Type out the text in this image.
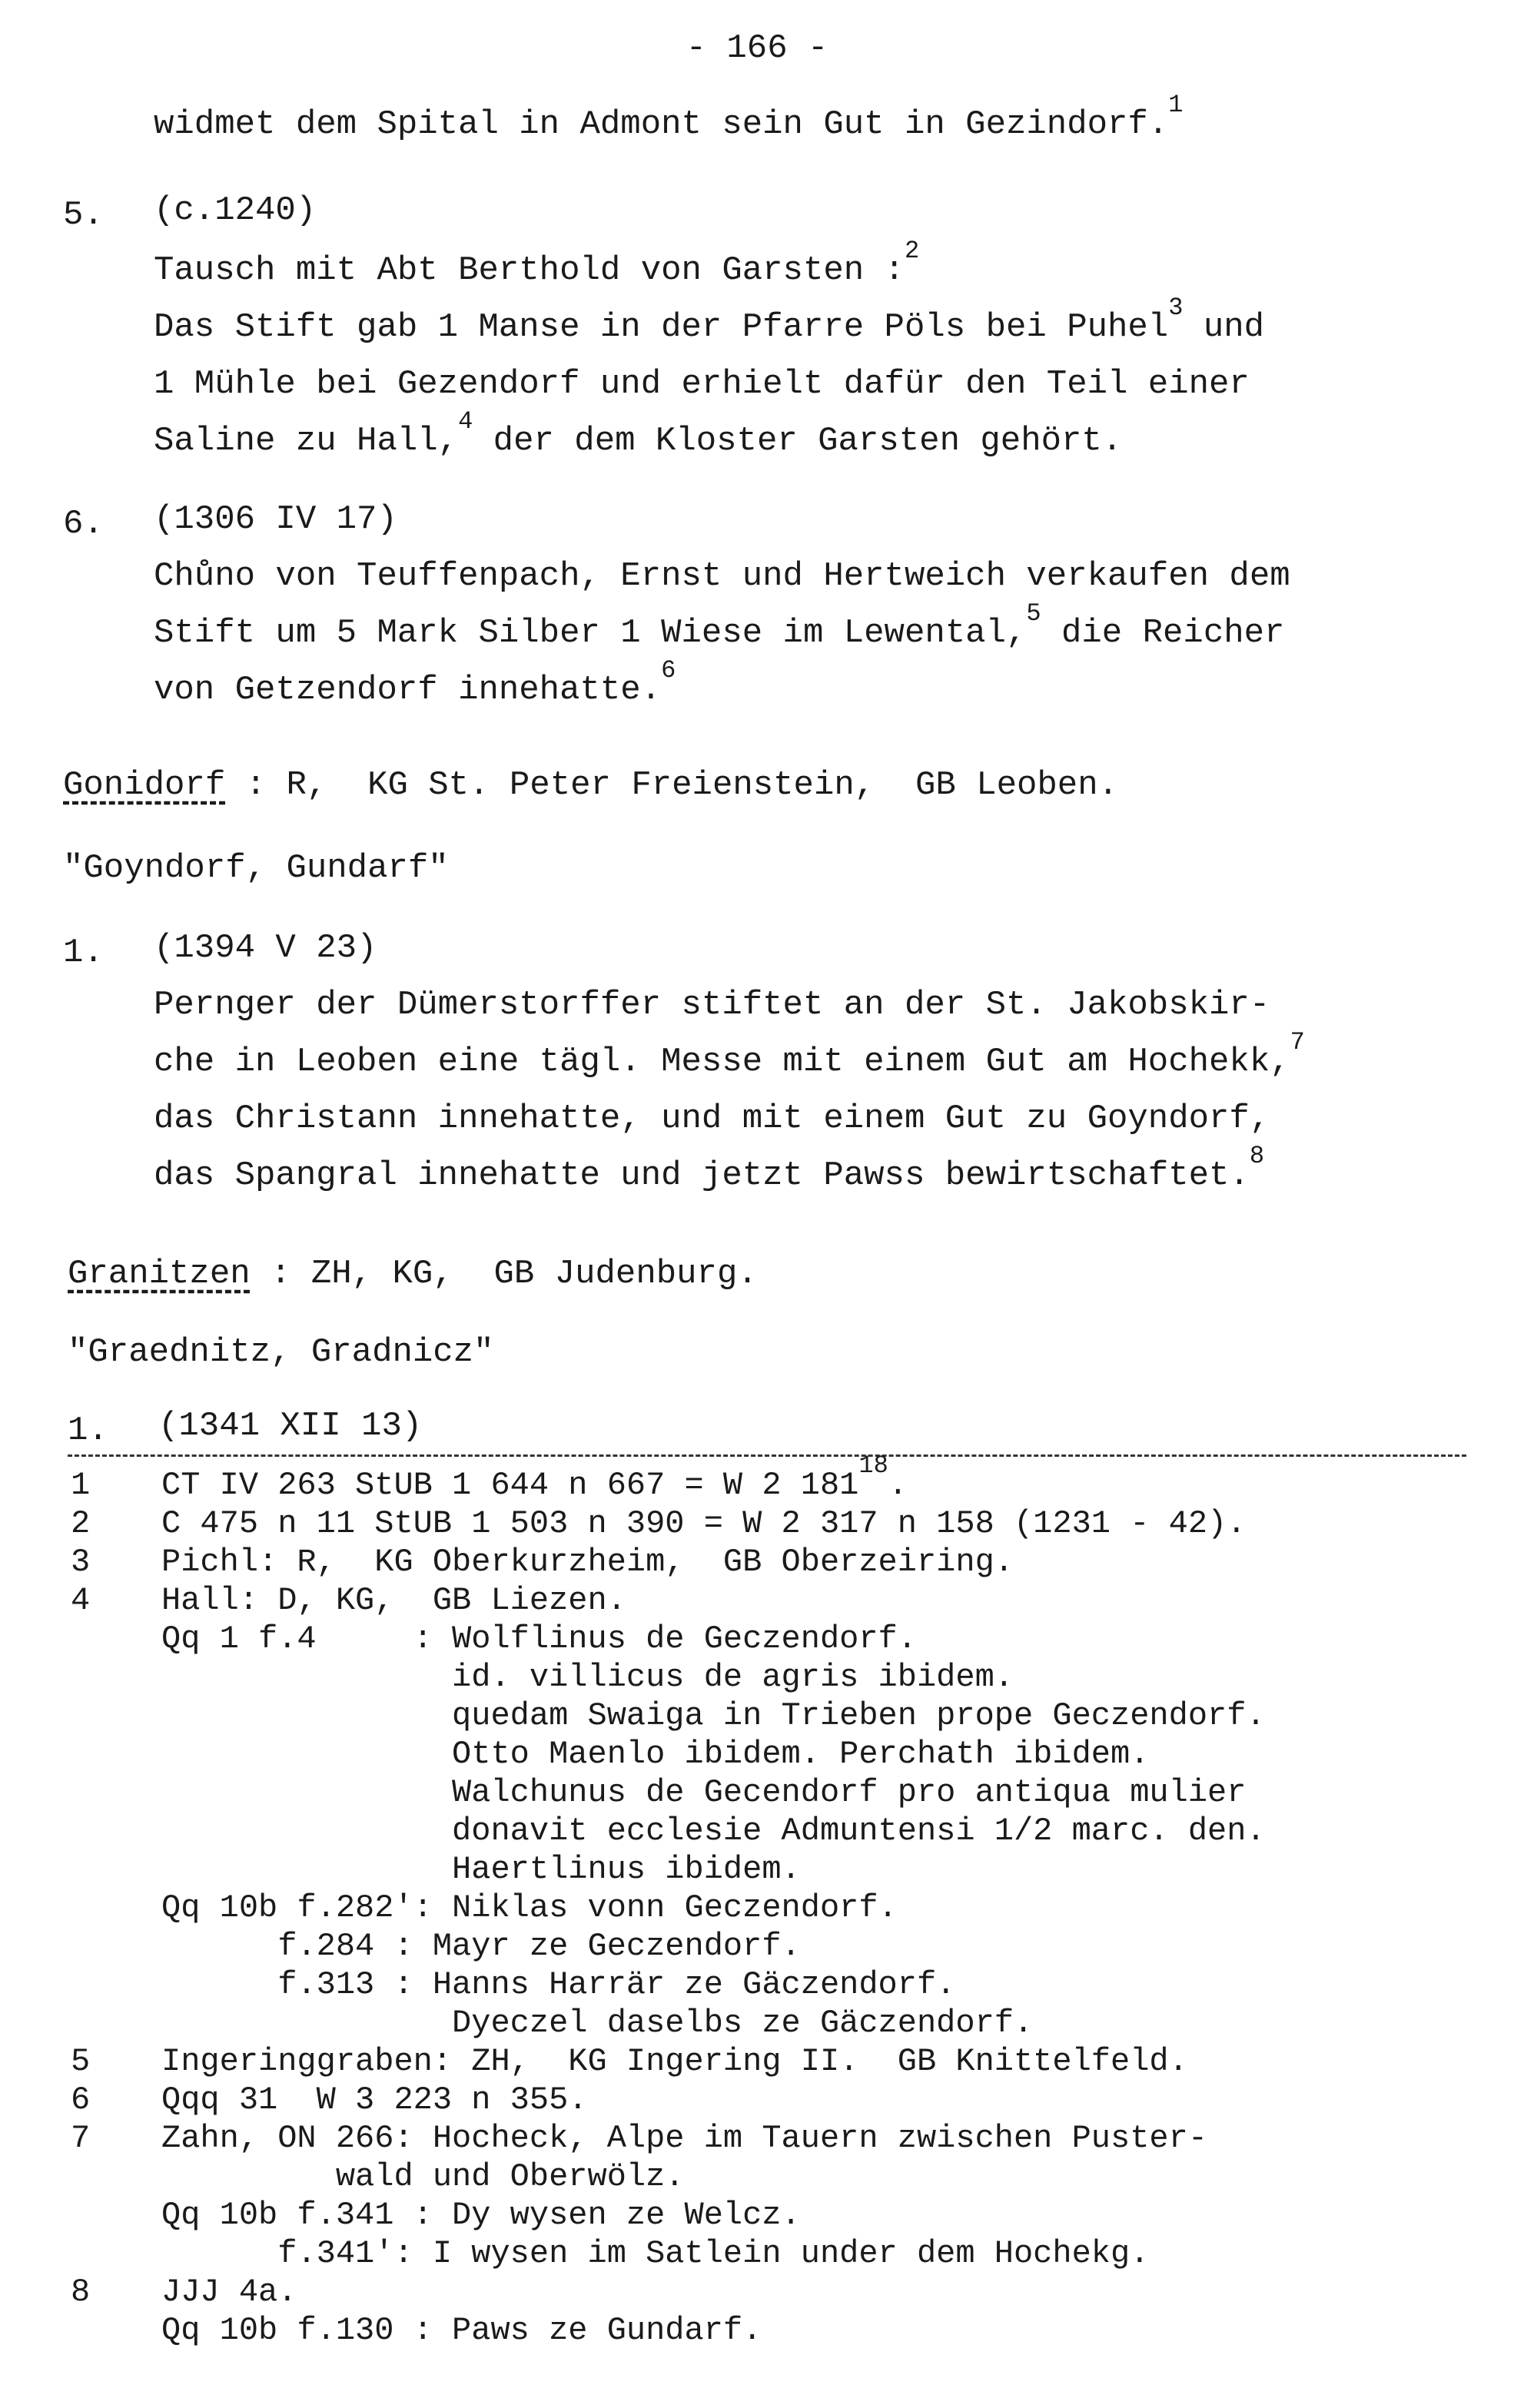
- 166 -
widmet dem Spital in Admont sein Gut in Gezindorf.$^1$
5. (c.1240)
Tausch mit Abt Berthold von Garsten :$^2$
Das Stift gab 1 Manse in der Pfarre Pöls bei Puhel$^3$ und
1 Mühle bei Gezendorf und erhielt dafür den Teil einer
Saline zu Hall,$^4$ der dem Kloster Garsten gehört.
6. (1306 IV 17)
Chůno von Teuffenpach, Ernst und Hertweich verkaufen dem
Stift um 5 Mark Silber 1 Wiese im Lewental,$^5$ die Reicher
von Getzendorf innehatte.$^6$
Gonidorf : R,  KG St. Peter Freienstein,  GB Leoben.
"Goyndorf, Gundarf"
1. (1394 V 23)
Pernger der Dümerstorffer stiftet an der St. Jakobskir-
che in Leoben eine tägl. Messe mit einem Gut am Hochekk,$^7$
das Christann innehatte, und mit einem Gut zu Goyndorf,
das Spangral innehatte und jetzt Pawss bewirtschaftet.$^8$
Granitzen : ZH, KG,  GB Judenburg.
"Graednitz, Gradnicz"
1. (1341 XII 13)
1 CT IV 263 StUB 1 644 n 667 = W 2 $181^{18}$.
2 C 475 n 11 StUB 1 503 n 390 = W 2 317 n 158 (1231 - 42).
3 Pichl: R,  KG Oberkurzheim,  GB Oberzeiring.
4 Hall: D, KG,  GB Liezen.
Qq 1 f.4     : Wolflinus de Geczendorf.
id. villicus de agris ibidem.
quedam Swaiga in Trieben prope Geczendorf.
Otto Maenlo ibidem. Perchath ibidem.
Walchunus de Gecendorf pro antiqua mulier
donavit ecclesie Admuntensi 1/2 marc. den.
Haertlinus ibidem.
Qq 10b f.282': Niklas vonn Geczendorf.
f.284 : Mayr ze Geczendorf.
f.313 : Hanns Harrär ze Gäczendorf.
Dyeczel daselbs ze Gäczendorf.
5 Ingeringgraben: ZH,  KG Ingering II.  GB Knittelfeld.
6 Qqq 31  W 3 223 n 355.
7 Zahn, ON 266: Hocheck, Alpe im Tauern zwischen Puster-
wald und Oberwölz.
Qq 10b f.341 : Dy wysen ze Welcz.
f.341': I wysen im Satlein under dem Hochekg.
8 JJJ 4a.
Qq 10b f.130 : Paws ze Gundarf.
